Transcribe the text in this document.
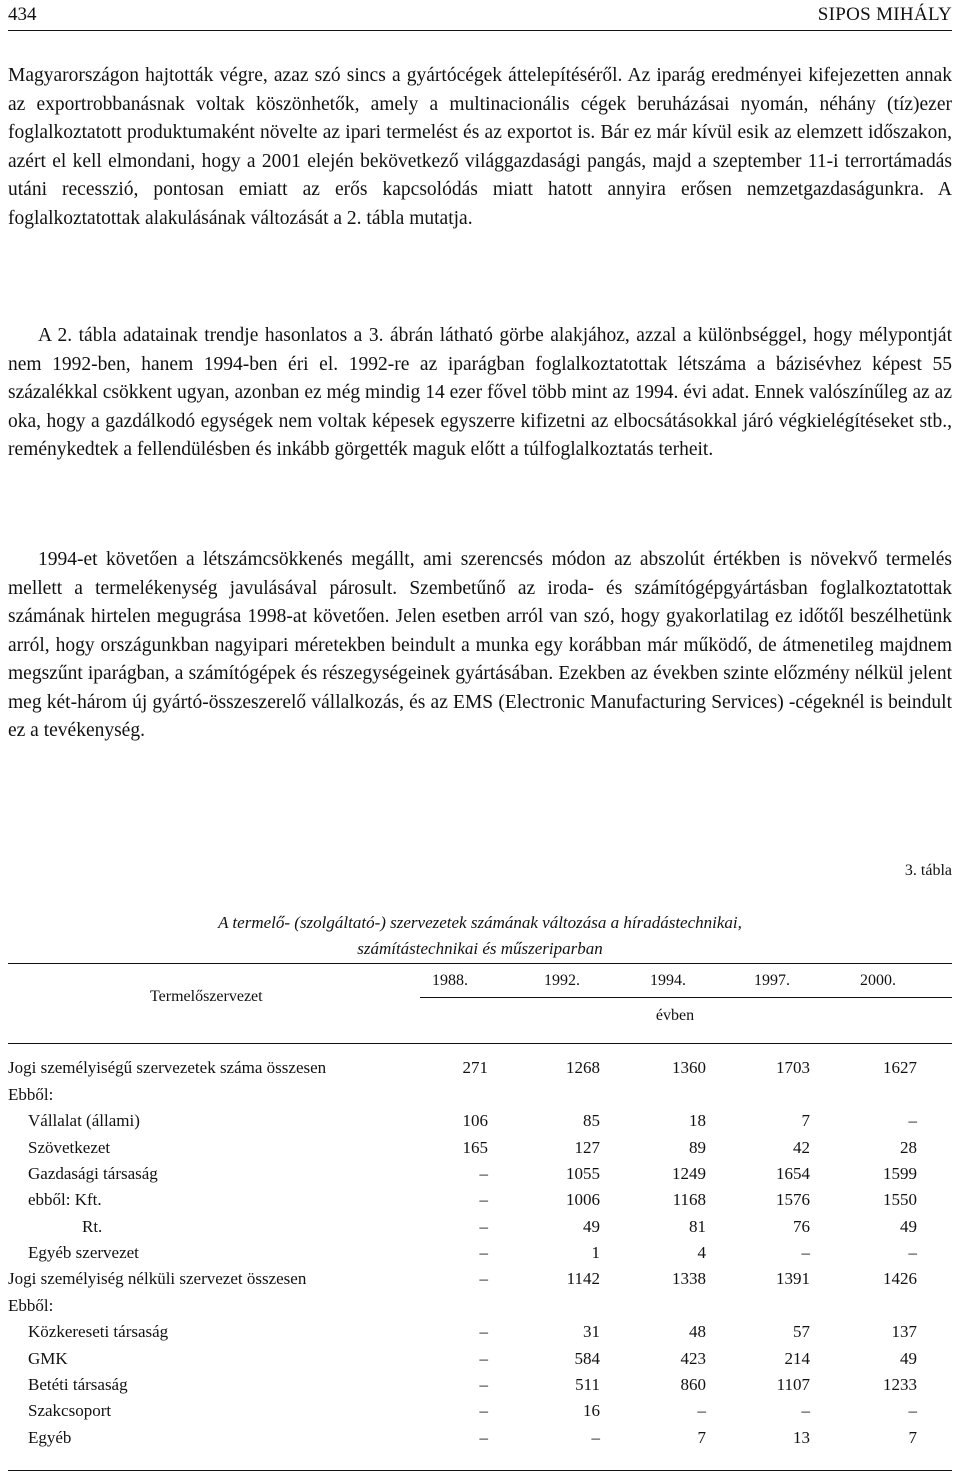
434	SIPOS MIHÁLY

Magyarországon hajtották végre, azaz szó sincs a gyártócégek áttelepítéséről. Az iparág eredményei kifejezetten annak az exportrobbanásnak voltak köszönhetők, amely a multinacionális cégek beruházásai nyomán, néhány (tíz)ezer foglalkoztatott produktumaként növelte az ipari termelést és az exportot is. Bár ez már kívül esik az elemzett időszakon, azért el kell elmondani, hogy a 2001 elején bekövetkező világgazdasági pangás, majd a szeptember 11-i terrortámadás utáni recesszió, pontosan emiatt az erős kapcsolódás miatt hatott annyira erősen nemzetgazdaságunkra. A foglalkoztatottak alakulásának változását a 2. tábla mutatja.

A 2. tábla adatainak trendje hasonlatos a 3. ábrán látható görbe alakjához, azzal a különbséggel, hogy mélypontját nem 1992-ben, hanem 1994-ben éri el. 1992-re az iparágban foglalkoztatottak létszáma a bázisévhez képest 55 százalékkal csökkent ugyan, azonban ez még mindig 14 ezer fővel több mint az 1994. évi adat. Ennek valószínűleg az az oka, hogy a gazdálkodó egységek nem voltak képesek egyszerre kifizetni az elbocsátásokkal járó végkielégítéseket stb., reménykedtek a fellendülésben és inkább görgették maguk előtt a túlfoglalkoztatás terheit.

1994-et követően a létszámcsökkenés megállt, ami szerencsés módon az abszolút értékben is növekvő termelés mellett a termelékenység javulásával párosult. Szembetűnő az iroda- és számítógépgyártásban foglalkoztatottak számának hirtelen megugrása 1998-at követően. Jelen esetben arról van szó, hogy gyakorlatilag ez időtől beszélhetünk arról, hogy országunkban nagyipari méretekben beindult a munka egy korábban már működő, de átmenetileg majdnem megszűnt iparágban, a számítógépek és részegységeinek gyártásában. Ezekben az években szinte előzmény nélkül jelent meg két-három új gyártó-összeszerelő vállalkozás, és az EMS (Electronic Manufacturing Services) -cégeknél is beindult ez a tevékenység.

3. tábla

A termelő- (szolgáltató-) szervezetek számának változása a híradástechnikai,
számítástechnikai és műszeriparban

Termelőszervezet
1988.	1992.	1994.	1997.	2000.
évben
Jogi személyiségű szervezetek száma összesen	271	1268	1360	1703	1627
Ebből:
Vállalat (állami)	106	85	18	7	–
Szövetkezet	165	127	89	42	28
Gazdasági társaság	–	1055	1249	1654	1599
ebből: Kft.	–	1006	1168	1576	1550
Rt.	–	49	81	76	49
Egyéb szervezet	–	1	4	–	–
Jogi személyiség nélküli szervezet összesen	–	1142	1338	1391	1426
Ebből:
Közkereseti társaság	–	31	48	57	137
GMK	–	584	423	214	49
Betéti társaság	–	511	860	1107	1233
Szakcsoport	–	16	–	–	–
Egyéb	–	–	7	13	7
